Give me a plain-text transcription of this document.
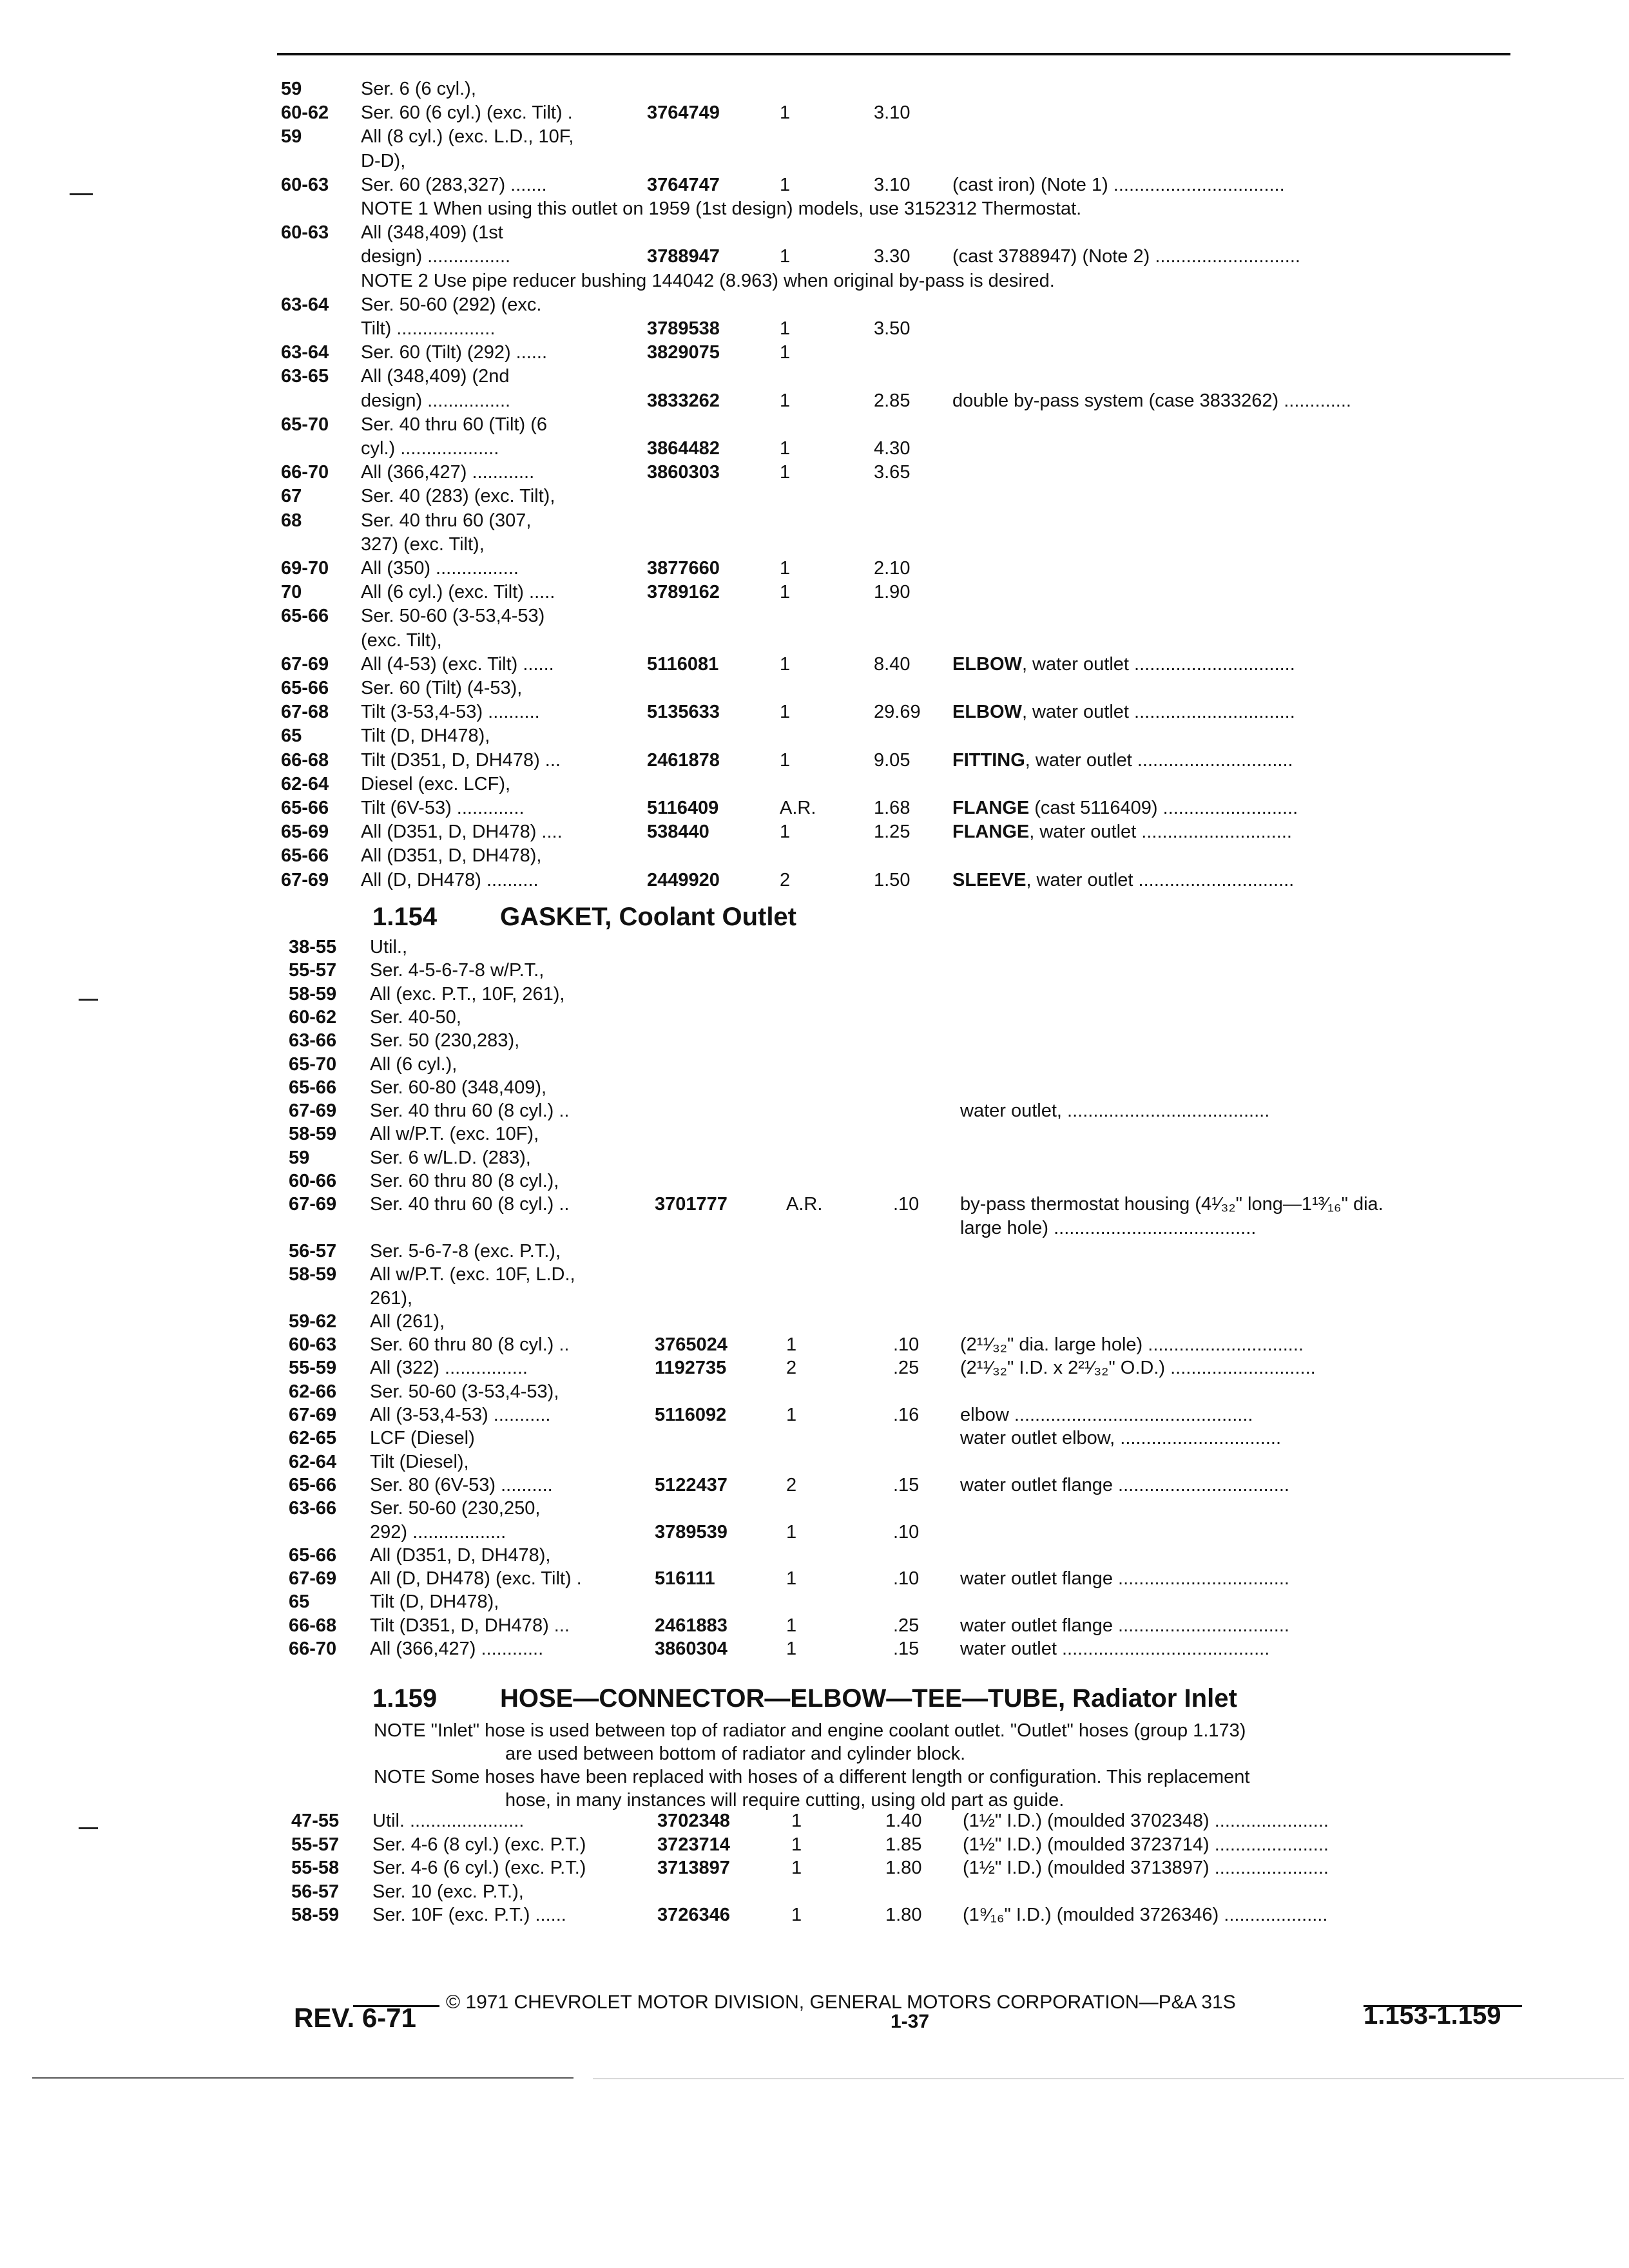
59	Ser. 6 (6 cyl.),
60-62 Ser. 60 (6 cyl.) (exc. Tilt) .	3764749	1	3.10
59	All (8 cyl.) (exc. L.D., 10F,
D-D),
60-63 Ser. 60 (283,327) .......	3764747	1	3.10 (cast iron) (Note 1) .................................
NOTE 1 When using this outlet on 1959 (1st design) models, use 3152312 Thermostat.
60-63 All (348,409) (1st
design) ................	3788947	1	3.30 (cast 3788947) (Note 2) ............................
NOTE 2 Use pipe reducer bushing 144042 (8.963) when original by-pass is desired.
63-64 Ser. 50-60 (292) (exc.
Tilt) ...................	3789538	1	3.50
63-64 Ser. 60 (Tilt) (292) ......	3829075	1
63-65 All (348,409) (2nd
design) ................	3833262	1	2.85 double by-pass system (case 3833262) .............
65-70 Ser. 40 thru 60 (Tilt) (6
cyl.) ...................	3864482	1	4.30
66-70 All (366,427) ............	3860303	1	3.65
67	Ser. 40 (283) (exc. Tilt),
68	Ser. 40 thru 60 (307,
327) (exc. Tilt),
69-70 All (350) ................	3877660	1	2.10
70	All (6 cyl.) (exc. Tilt) .....	3789162	1	1.90
65-66 Ser. 50-60 (3-53,4-53)
(exc. Tilt),
67-69 All (4-53) (exc. Tilt) ......	5116081	1	8.40 ELBOW, water outlet ...............................
65-66 Ser. 60 (Tilt) (4-53),
67-68 Tilt (3-53,4-53) ..........	5135633	1	29.69 ELBOW, water outlet ...............................
65	Tilt (D, DH478),
66-68 Tilt (D351, D, DH478) ...	2461878	1	9.05 FITTING, water outlet ..............................
62-64 Diesel (exc. LCF),
65-66 Tilt (6V-53) .............	5116409	A.R.	1.68 FLANGE (cast 5116409) ..........................
65-69 All (D351, D, DH478) ....	538440	1	1.25 FLANGE, water outlet .............................
65-66 All (D351, D, DH478),
67-69 All (D, DH478) ..........	2449920	2	1.50 SLEEVE, water outlet ..............................
1.154 GASKET, Coolant Outlet
38-55 Util.,
55-57 Ser. 4-5-6-7-8 w/P.T.,
58-59 All (exc. P.T., 10F, 261),
60-62 Ser. 40-50,
63-66 Ser. 50 (230,283),
65-70 All (6 cyl.),
65-66 Ser. 60-80 (348,409),
67-69 Ser. 40 thru 60 (8 cyl.) ..	water outlet, .......................................
58-59 All w/P.T. (exc. 10F),
59	Ser. 6 w/L.D. (283),
60-66 Ser. 60 thru 80 (8 cyl.),
67-69 Ser. 40 thru 60 (8 cyl.) ..	3701777	A.R.	.10 by-pass thermostat housing (4¹⁄₃₂" long—1¹³⁄₁₆" dia.
large hole) .......................................
56-57 Ser. 5-6-7-8 (exc. P.T.),
58-59 All w/P.T. (exc. 10F, L.D.,
261),
59-62 All (261),
60-63 Ser. 60 thru 80 (8 cyl.) ..	3765024	1	.10 (2¹¹⁄₃₂" dia. large hole) ..............................
55-59 All (322) ................	1192735	2	.25 (2¹¹⁄₃₂" I.D. x 2²¹⁄₃₂" O.D.) ............................
62-66 Ser. 50-60 (3-53,4-53),
67-69 All (3-53,4-53) ...........	5116092	1	.16 elbow ..............................................
62-65 LCF (Diesel)	water outlet elbow, ...............................
62-64 Tilt (Diesel),
65-66 Ser. 80 (6V-53) ..........	5122437	2	.15 water outlet flange .................................
63-66 Ser. 50-60 (230,250,
292) ..................	3789539	1	.10
65-66 All (D351, D, DH478),
67-69 All (D, DH478) (exc. Tilt) .	516111	1	.10 water outlet flange .................................
65	Tilt (D, DH478),
66-68 Tilt (D351, D, DH478) ...	2461883	1	.25 water outlet flange .................................
66-70 All (366,427) ............	3860304	1	.15 water outlet ........................................
1.159 HOSE—CONNECTOR—ELBOW—TEE—TUBE, Radiator Inlet
NOTE "Inlet" hose is used between top of radiator and engine coolant outlet. "Outlet" hoses (group 1.173)
are used between bottom of radiator and cylinder block.
NOTE Some hoses have been replaced with hoses of a different length or configuration. This replacement
hose, in many instances will require cutting, using old part as guide.
47-55 Util. ......................	3702348	1	1.40 (1½" I.D.) (moulded 3702348) ......................
55-57 Ser. 4-6 (8 cyl.) (exc. P.T.)	3723714	1	1.85 (1½" I.D.) (moulded 3723714) ......................
55-58 Ser. 4-6 (6 cyl.) (exc. P.T.)	3713897	1	1.80 (1½" I.D.) (moulded 3713897) ......................
56-57 Ser. 10 (exc. P.T.),
58-59 Ser. 10F (exc. P.T.) ......	3726346	1	1.80 (1⁹⁄₁₆" I.D.) (moulded 3726346) ....................
© 1971 CHEVROLET MOTOR DIVISION, GENERAL MOTORS CORPORATION—P&A 31S
REV. 6-71	1-37	1.153-1.159
